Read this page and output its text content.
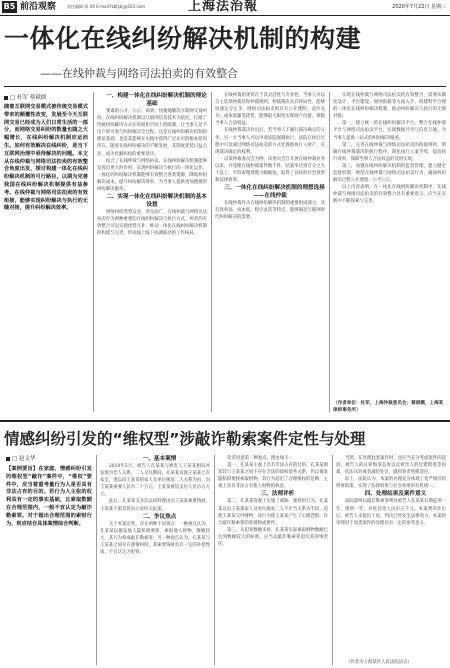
B5 前沿观察	责任编辑 郭 XX E-mail:fzbfybj@163.com	上海法治報	2020年7月22日 星期三
一体化在线纠纷解决机制的构建
——在线仲裁与网络司法拍卖的有效整合
□ 杜军 蔡斌儒
随着互联网交易模式被传统交易模式带来的颠覆性改变，发展至今天互联网交易已经成为人们日常生活的一部分，而网络交易纠纷的数量也随之大幅增长，在线纠纷解决机制应运而生。如何有效解决在线纠纷，是当下互联网治理中亟待解决的问题。本文从在线仲裁与网络司法拍卖的有效整合角度出发，探讨构建一体化在线纠纷解决机制的可行路径，以期为完善我国在线纠纷解决机制提供有益参考。在线仲裁与网络司法拍卖的有效衔接，能够实现纠纷解决与执行的无缝对接，提升纠纷解决效率。

一、构建一体化在线纠纷解决机制的理论基础

要素的公开、公正、高效、快捷地解决互联网交易纠纷，在线纠纷解决机制以互联网信息技术为依托，打破了传统纠纷解决方式在时间和空间上的限制，让当事人足不出户即可参与纠纷解决全过程。这是在线纠纷解决机制的理论基础，也是其能够在实践中获得广泛认可的根本原因所在。随着在线纠纷解决的不断发展，其制度优势日益凸显，成为化解纠纷的重要途径。

结合了在线仲裁与网络拍卖，在线纠纷解决机制能够发挥出更大的作用，实现纠纷解决与执行的一体化运作。一体化的纠纷解决机制能够有效整合各类资源，降低纠纷解决成本，提升纠纷解决效率，为当事人提供更加便捷的纠纷解决服务。

二、实现一体化在线纠纷解决机制的基本设想

网络纠纷类型众多，涉及面广，在线仲裁与网络司法拍卖作为两种重要的在线纠纷解决与执行方式，两者的有效整合可以实现优势互补，推动一体化在线纠纷解决机制的构建与完善，形成线上线下协调联动的工作格局。

在线仲裁的优势在于其灵活性与专业性，当事人可以自主选择仲裁员和仲裁规则，仲裁裁决具有终局性，能够快速定分止争。网络司法拍卖则具有公开透明、竞价充分、成本低廉等优势，能够最大限度实现财产价值，保障当事人合法权益。

在线仲裁裁决作出后，若当事人不履行裁决确定的义务，另一方当事人可以申请法院强制执行，法院在执行过程中可以通过网络司法拍卖的方式处置被执行人财产，实现裁决确定的权利。

以某仲裁委员会为例，该委员会自开展在线仲裁业务以来，共受理在线仲裁案件数千件，结案率达到百分之九十以上，平均审理周期大幅缩短，取得了良好的社会效果和法律效果。

三、一体化在线纠纷解决机制的理想选择——在线仲裁

在线仲裁作为在线纠纷解决机制的重要组成部分，具有效率高、成本低、程序灵活等特点，能够满足互联网时代纠纷解决的需要。

实现在线仲裁与网络司法拍卖的有效整合，需要从制度设计、平台建设、规则衔接等方面入手，构建科学合理的一体化在线纠纷解决机制，推动纠纷解决与执行的无缝对接。

第一，建立统一的在线纠纷解决平台。整合在线仲裁平台与网络司法拍卖平台，实现数据共享与信息互通，为当事人提供一站式的纠纷解决服务。

第二，完善在线仲裁与网络司法拍卖的衔接规则。明确在线仲裁裁决的执行程序，简化执行立案手续，提高执行效率，保障当事人合法权益的及时实现。

第三，加强在线纠纷解决机制的监督管理。建立健全监督机制，规范在线仲裁与网络司法拍卖行为，确保纠纷解决过程公开透明、公平公正。

以上内容表明，在一体化在线纠纷解决机制中，在线仲裁与网络司法拍卖的有效整合具有重要意义，应当在实践中不断探索与完善。

（作者单位：杜军，上海仲裁委员会；蔡斌儒，上海某律师事务所）
情感纠纷引发的“维权型”涉敲诈勒索案件定性与处理
□ 赵文华
【案例要旨】在家庭、情感纠纷引发的维权型“敲诈”案件中，“维权”要件中，应当着重考量行为人是否具有非法占有的目的。若行为人主张的权利具有一定的事实基础，且索取数额在合理范围内，一般不宜认定为敲诈勒索罪。对于超出合理范围的索财行为，则应结合具体案情综合判断。

一、基本案情

2018年5月，被告人孔某某与被害人王某某相识并发展为恋人关系，二人交往期间，孔某某发现王某某已有家室，遂以向王某某的家人及单位揭发二人关系为由，向王某某索要人民币二十万元。王某某被迫支付人民币五万元。

此后，孔某某又多次以同样理由向王某某索要钱财，王某某不堪其扰向公安机关报案。

二、争议焦点

关于本案定性，存在两种不同观点：一种观点认为，孔某某以揭发他人隐私相要挟，索取他人财物，数额较大，其行为构成敲诈勒索罪；另一种观点认为，孔某某与王某某之间存在感情纠纷，其索要钱财具有一定的补偿性质，不宜认定为犯罪。

笔者同意第一种观点。理由如下：

第一，孔某某主观上具有非法占有的目的。孔某某明知其与王某某之间不存在合法的债权债务关系，仍以揭发隐私相要挟索取财物，其行为超出了合理维权的范畴，主观上具有非法占有他人财物的故意。

三、法理评析

第二，孔某某客观上实施了威胁、要挟的行为。孔某某以向王某某家人及单位揭发二人不正当关系为手段，迫使王某某交付财物，该行为使王某某产生了心理恐惧，符合敲诈勒索罪的客观构成要件。

第三，从犯罪数额来看，孔某某实际索取财物数额已达到数额较大的标准，应当以敲诈勒索罪追究其刑事责任。

当然，在处理此类案件时，也应当充分考虑案件的起因、被告人的认罪悔罪态度以及被害人的过错程度等因素，依法从轻或者减轻处罚，做到罪责刑相适应。

综上，法院认为，本案的处理充分体现了宽严相济的刑事政策，实现了法律效果与社会效果的有机统一。

四、处理结果及案件意义

法院最终以敲诈勒索罪判处被告人孔某某有期徒刑一年，缓刑一年，并处罚金人民币五千元。本案判决作出后，被告人未提出上诉，判决已经发生法律效力。本案的审理对于同类案件的处理具有一定的参考意义。

（作者为上海某区人民法院法官）
